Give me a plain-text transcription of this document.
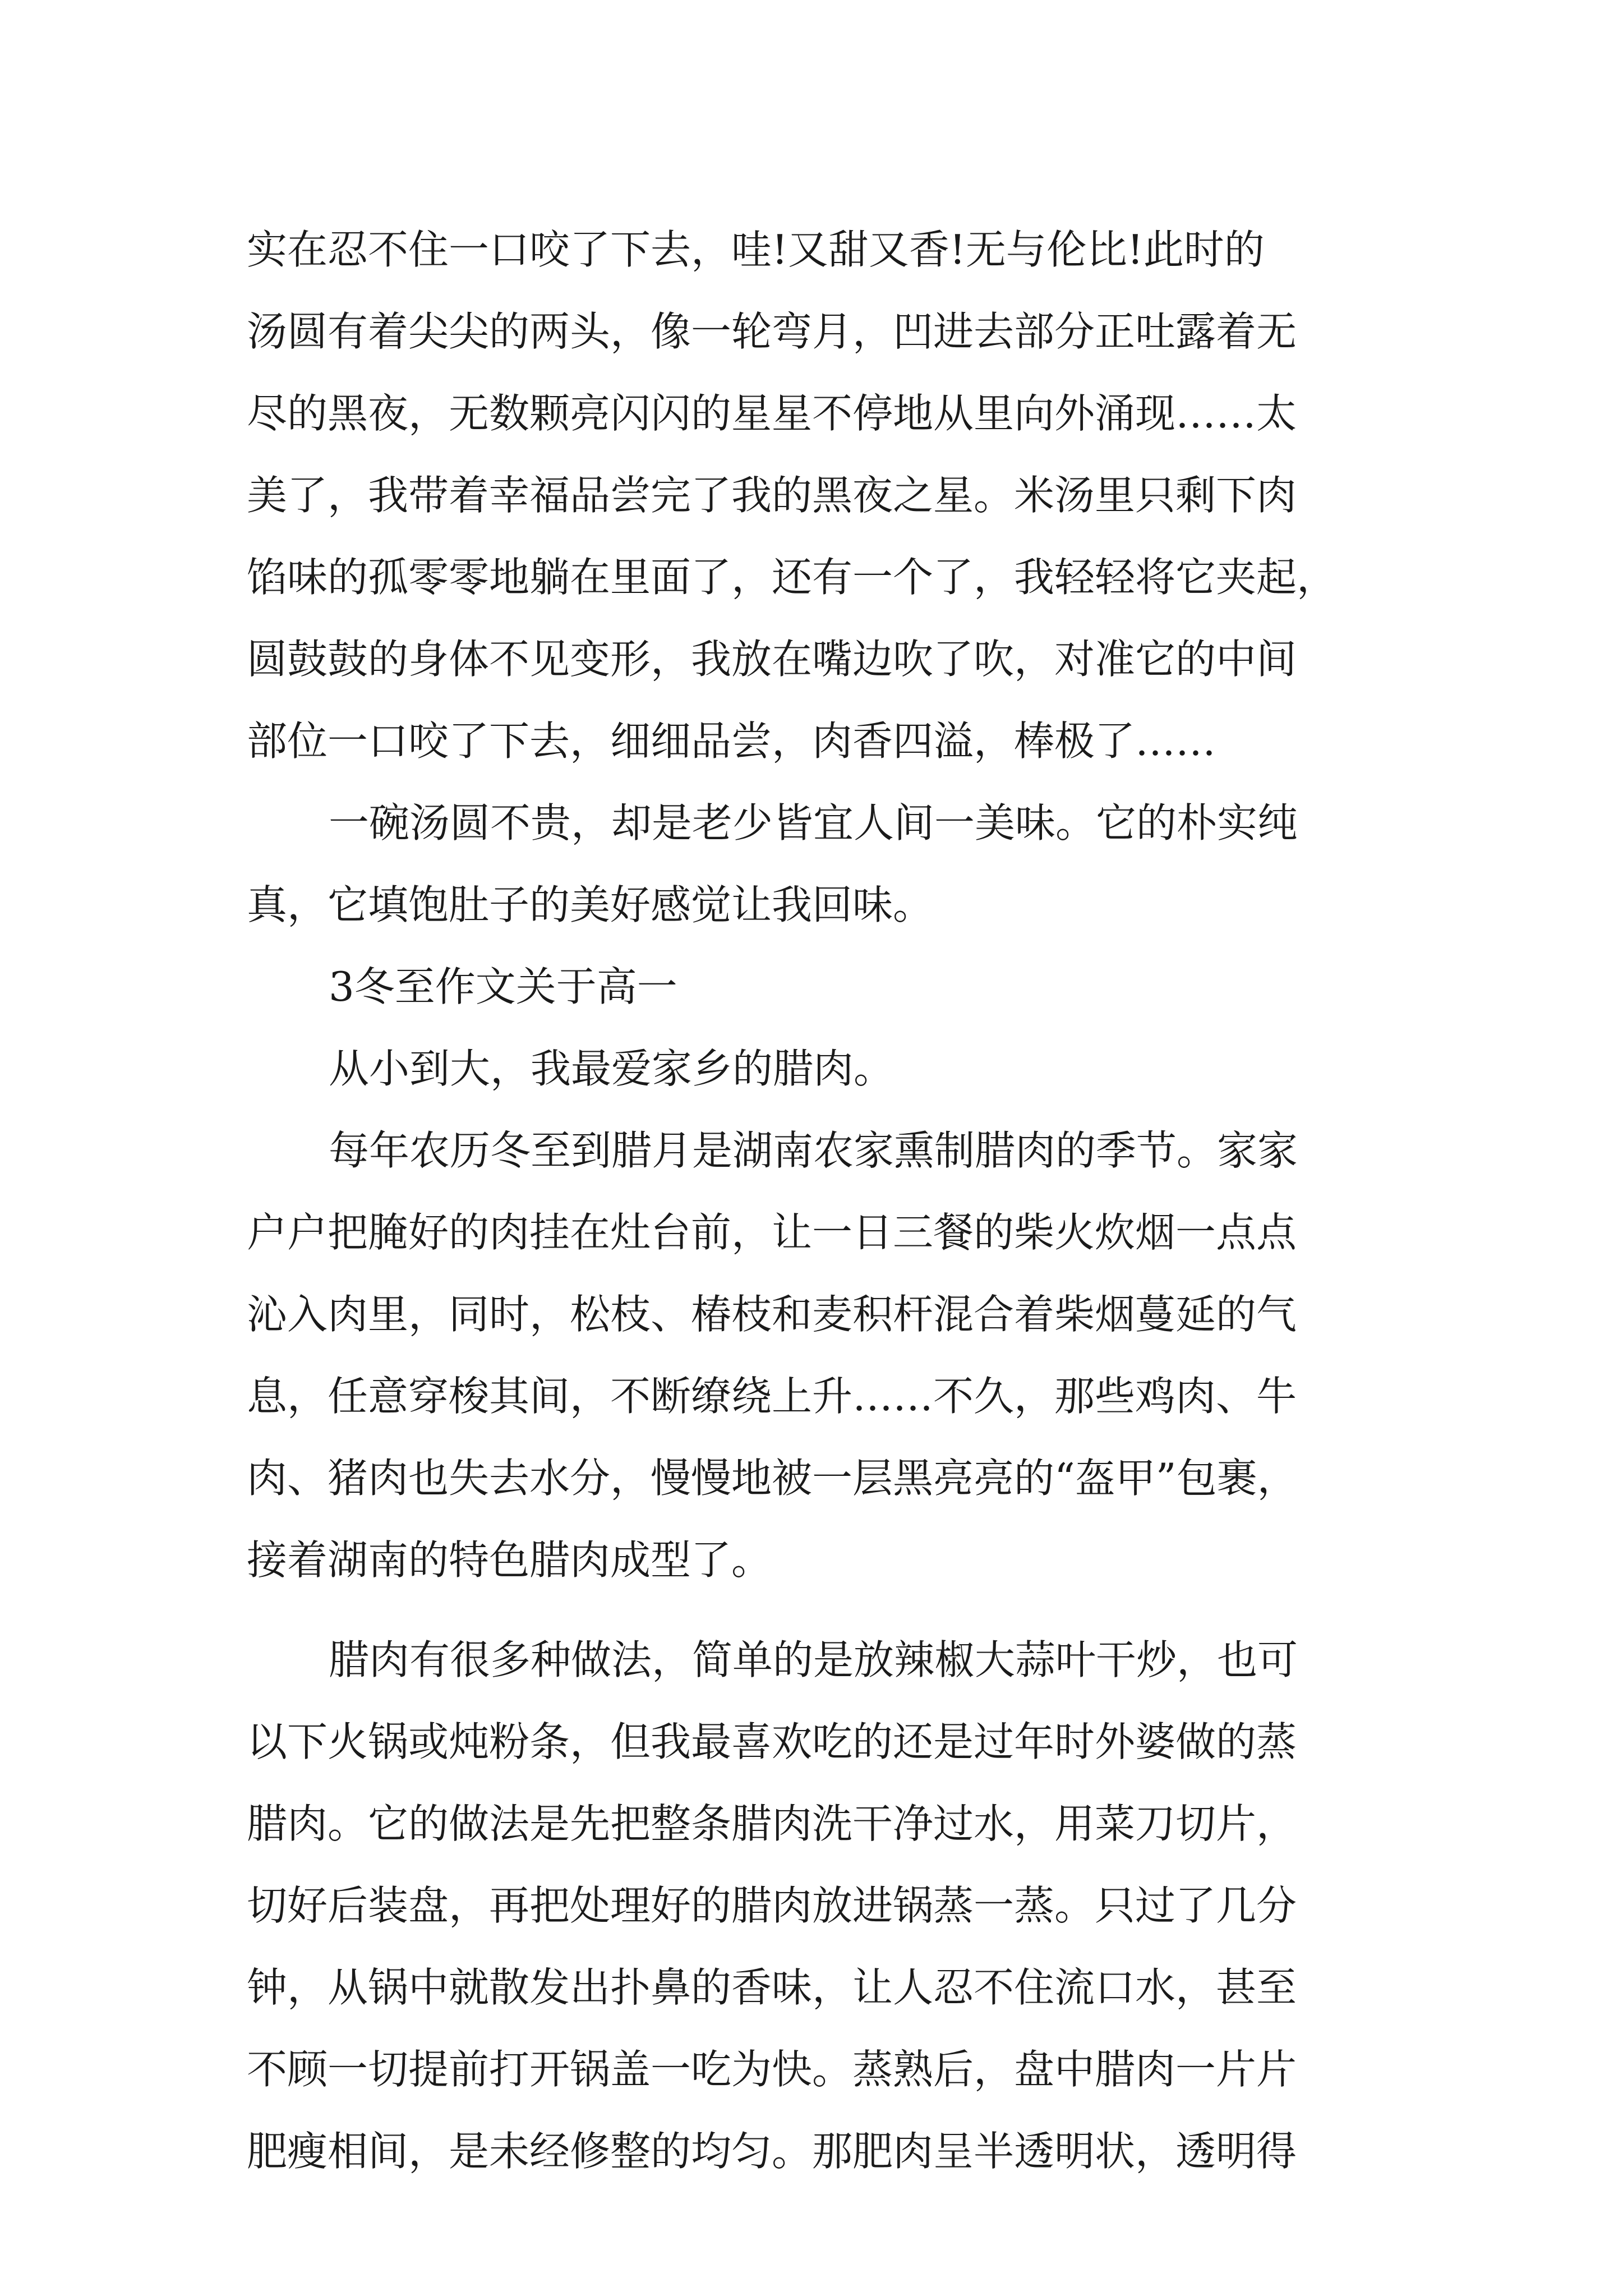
实在忍不住一口咬了下去，哇!又甜又香!无与伦比!此时的
汤圆有着尖尖的两头，像一轮弯月，凹进去部分正吐露着无
尽的黑夜，无数颗亮闪闪的星星不停地从里向外涌现……太
美了，我带着幸福品尝完了我的黑夜之星。米汤里只剩下肉
馅味的孤零零地躺在里面了，还有一个了，我轻轻将它夹起，
圆鼓鼓的身体不见变形，我放在嘴边吹了吹，对准它的中间
部位一口咬了下去，细细品尝，肉香四溢，棒极了……
一碗汤圆不贵，却是老少皆宜人间一美味。它的朴实纯
真，它填饱肚子的美好感觉让我回味。
3冬至作文关于高一
从小到大，我最爱家乡的腊肉。
每年农历冬至到腊月是湖南农家熏制腊肉的季节。家家
户户把腌好的肉挂在灶台前，让一日三餐的柴火炊烟一点点
沁入肉里，同时，松枝、椿枝和麦积杆混合着柴烟蔓延的气
息，任意穿梭其间，不断缭绕上升……不久，那些鸡肉、牛
肉、猪肉也失去水分，慢慢地被一层黑亮亮的“盔甲”包裹，
接着湖南的特色腊肉成型了。
腊肉有很多种做法，简单的是放辣椒大蒜叶干炒，也可
以下火锅或炖粉条，但我最喜欢吃的还是过年时外婆做的蒸
腊肉。它的做法是先把整条腊肉洗干净过水，用菜刀切片，
切好后装盘，再把处理好的腊肉放进锅蒸一蒸。只过了几分
钟，从锅中就散发出扑鼻的香味，让人忍不住流口水，甚至
不顾一切提前打开锅盖一吃为快。蒸熟后，盘中腊肉一片片
肥瘦相间，是未经修整的均匀。那肥肉呈半透明状，透明得
